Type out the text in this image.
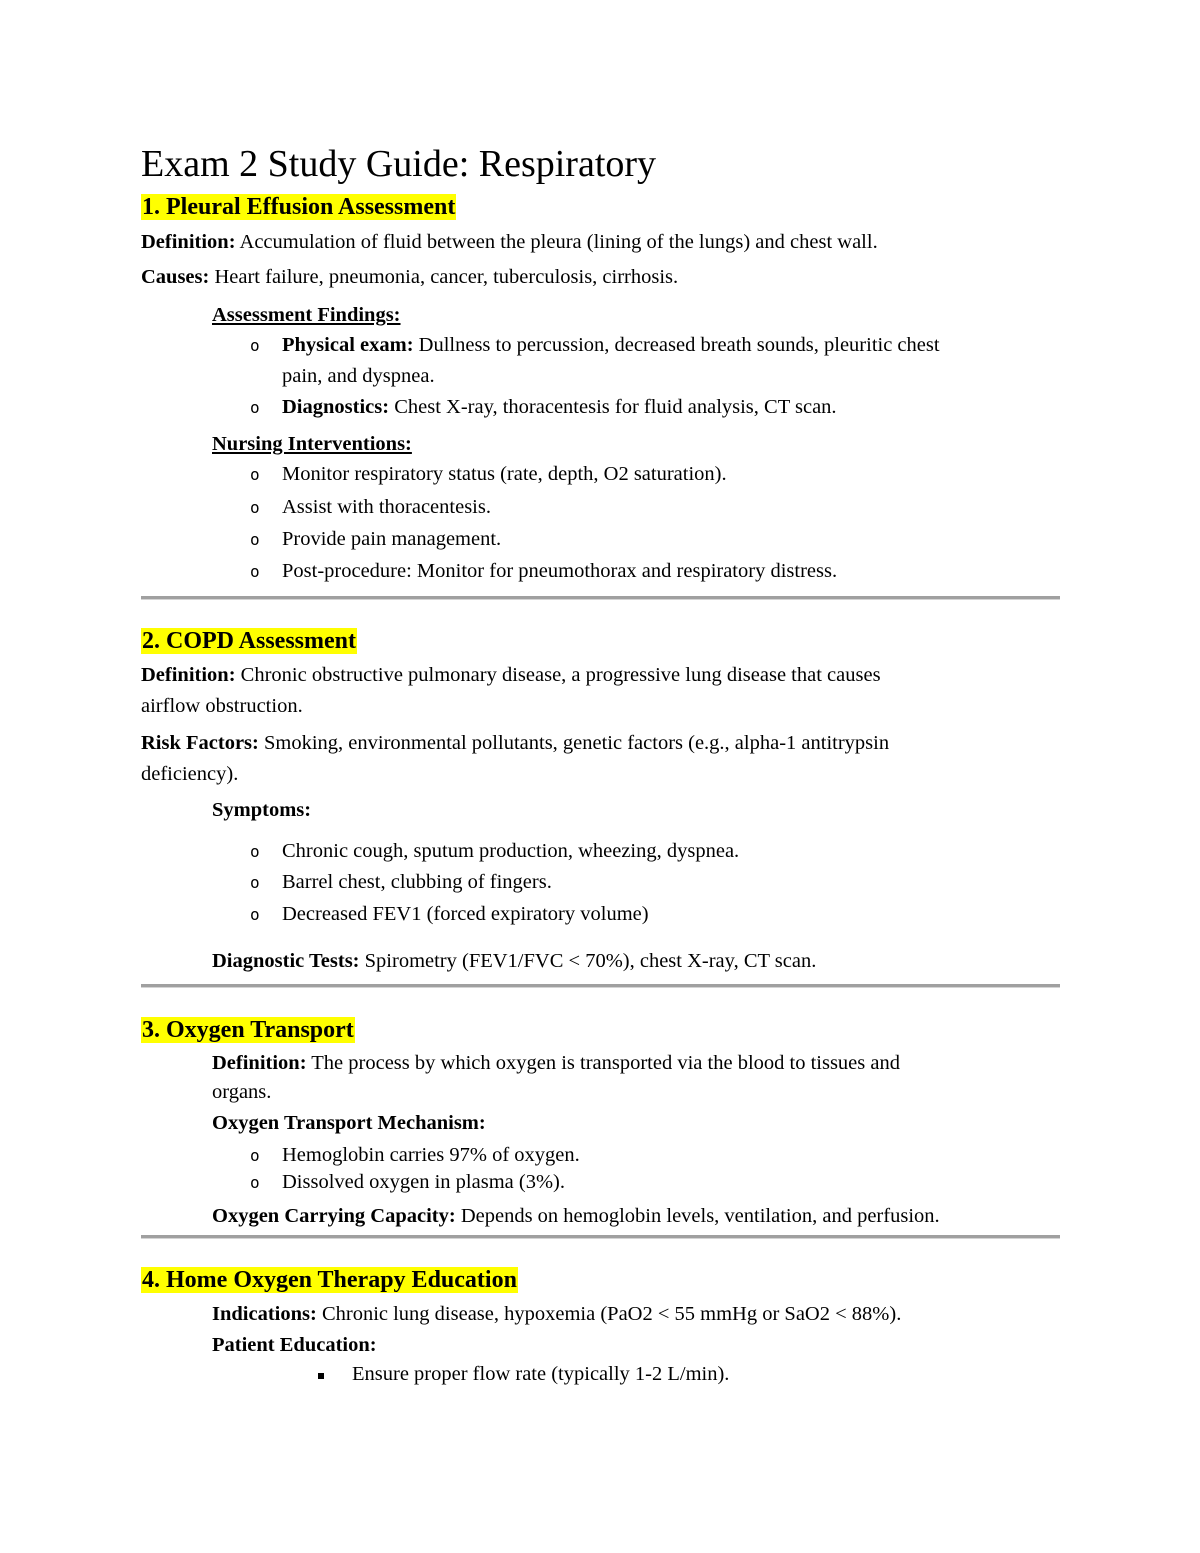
Exam 2 Study Guide: Respiratory
1. Pleural Effusion Assessment
Definition: Accumulation of fluid between the pleura (lining of the lungs) and chest wall.
Causes: Heart failure, pneumonia, cancer, tuberculosis, cirrhosis.
Assessment Findings:
o Physical exam: Dullness to percussion, decreased breath sounds, pleuritic chest
pain, and dyspnea.
o Diagnostics: Chest X-ray, thoracentesis for fluid analysis, CT scan.
Nursing Interventions:
o Monitor respiratory status (rate, depth, O2 saturation).
o Assist with thoracentesis.
o Provide pain management.
o Post-procedure: Monitor for pneumothorax and respiratory distress.
2. COPD Assessment
Definition: Chronic obstructive pulmonary disease, a progressive lung disease that causes
airflow obstruction.
Risk Factors: Smoking, environmental pollutants, genetic factors (e.g., alpha-1 antitrypsin
deficiency).
Symptoms:
o Chronic cough, sputum production, wheezing, dyspnea.
o Barrel chest, clubbing of fingers.
o Decreased FEV1 (forced expiratory volume)
Diagnostic Tests: Spirometry (FEV1/FVC < 70%), chest X-ray, CT scan.
3. Oxygen Transport
Definition: The process by which oxygen is transported via the blood to tissues and
organs.
Oxygen Transport Mechanism:
o Hemoglobin carries 97% of oxygen.
o Dissolved oxygen in plasma (3%).
Oxygen Carrying Capacity: Depends on hemoglobin levels, ventilation, and perfusion.
4. Home Oxygen Therapy Education
Indications: Chronic lung disease, hypoxemia (PaO2 < 55 mmHg or SaO2 < 88%).
Patient Education:
Ensure proper flow rate (typically 1-2 L/min).
